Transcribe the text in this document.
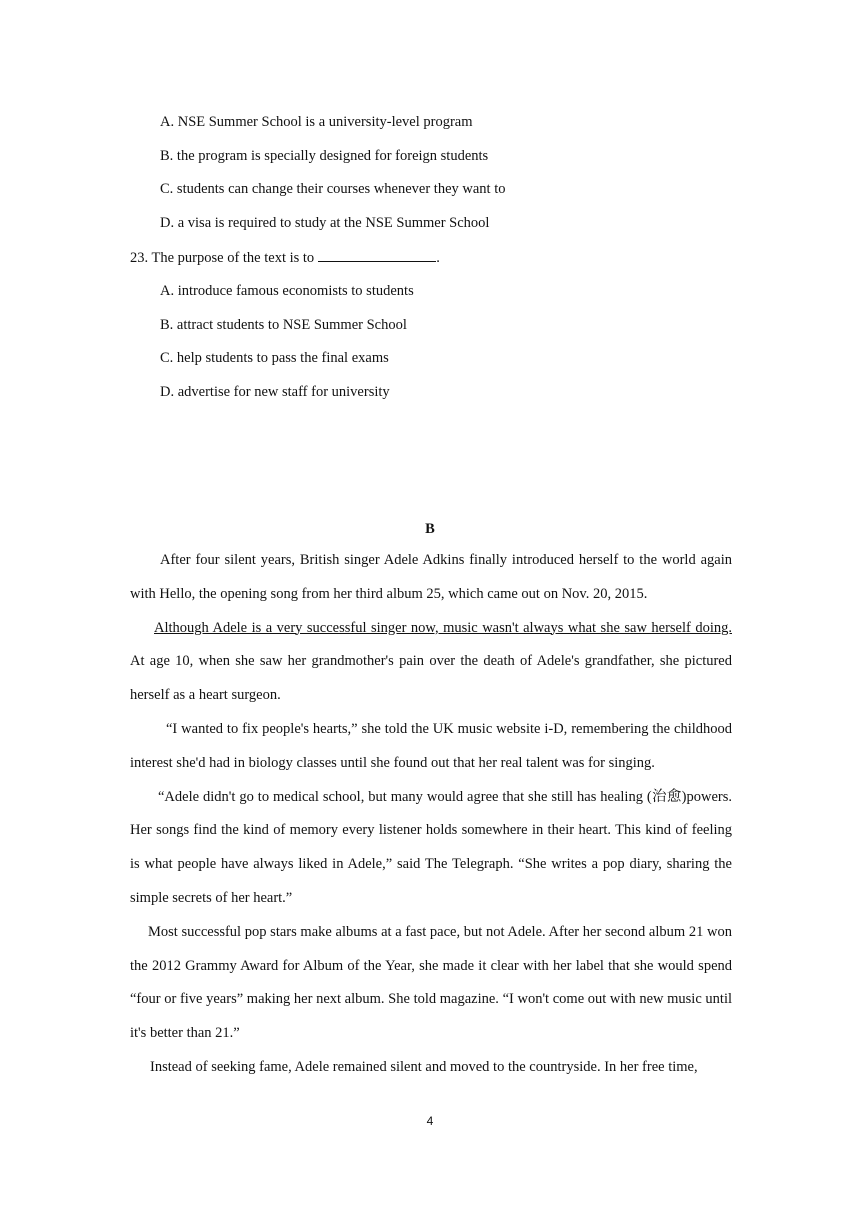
A. NSE Summer School is a university-level program
B. the program is specially designed for foreign students
C. students can change their courses whenever they want to
D. a visa is required to study at the NSE Summer School
23. The purpose of the text is to	.
A. introduce famous economists to students
B. attract students to NSE Summer School
C. help students to pass the final exams
D. advertise for new staff for university
B

After four silent years, British singer Adele Adkins finally introduced herself to the world again with Hello, the opening song from her third album 25, which came out on Nov. 20, 2015.

Although Adele is a very successful singer now, music wasn't always what she saw herself doing. At age 10, when she saw her grandmother's pain over the death of Adele's grandfather, she pictured herself as a heart surgeon.

“I wanted to fix people's hearts,” she told the UK music website i-D, remembering the childhood interest she'd had in biology classes until she found out that her real talent was for singing.

“Adele didn't go to medical school, but many would agree that she still has healing (治愈)powers. Her songs find the kind of memory every listener holds somewhere in their heart. This kind of feeling is what people have always liked in Adele,” said The Telegraph. “She writes a pop diary, sharing the simple secrets of her heart.”

Most successful pop stars make albums at a fast pace, but not Adele. After her second album 21 won the 2012 Grammy Award for Album of the Year, she made it clear with her label that she would spend “four or five years” making her next album. She told magazine. “I won't come out with new music until it's better than 21.”

Instead of seeking fame, Adele remained silent and moved to the countryside. In her free time,

4
